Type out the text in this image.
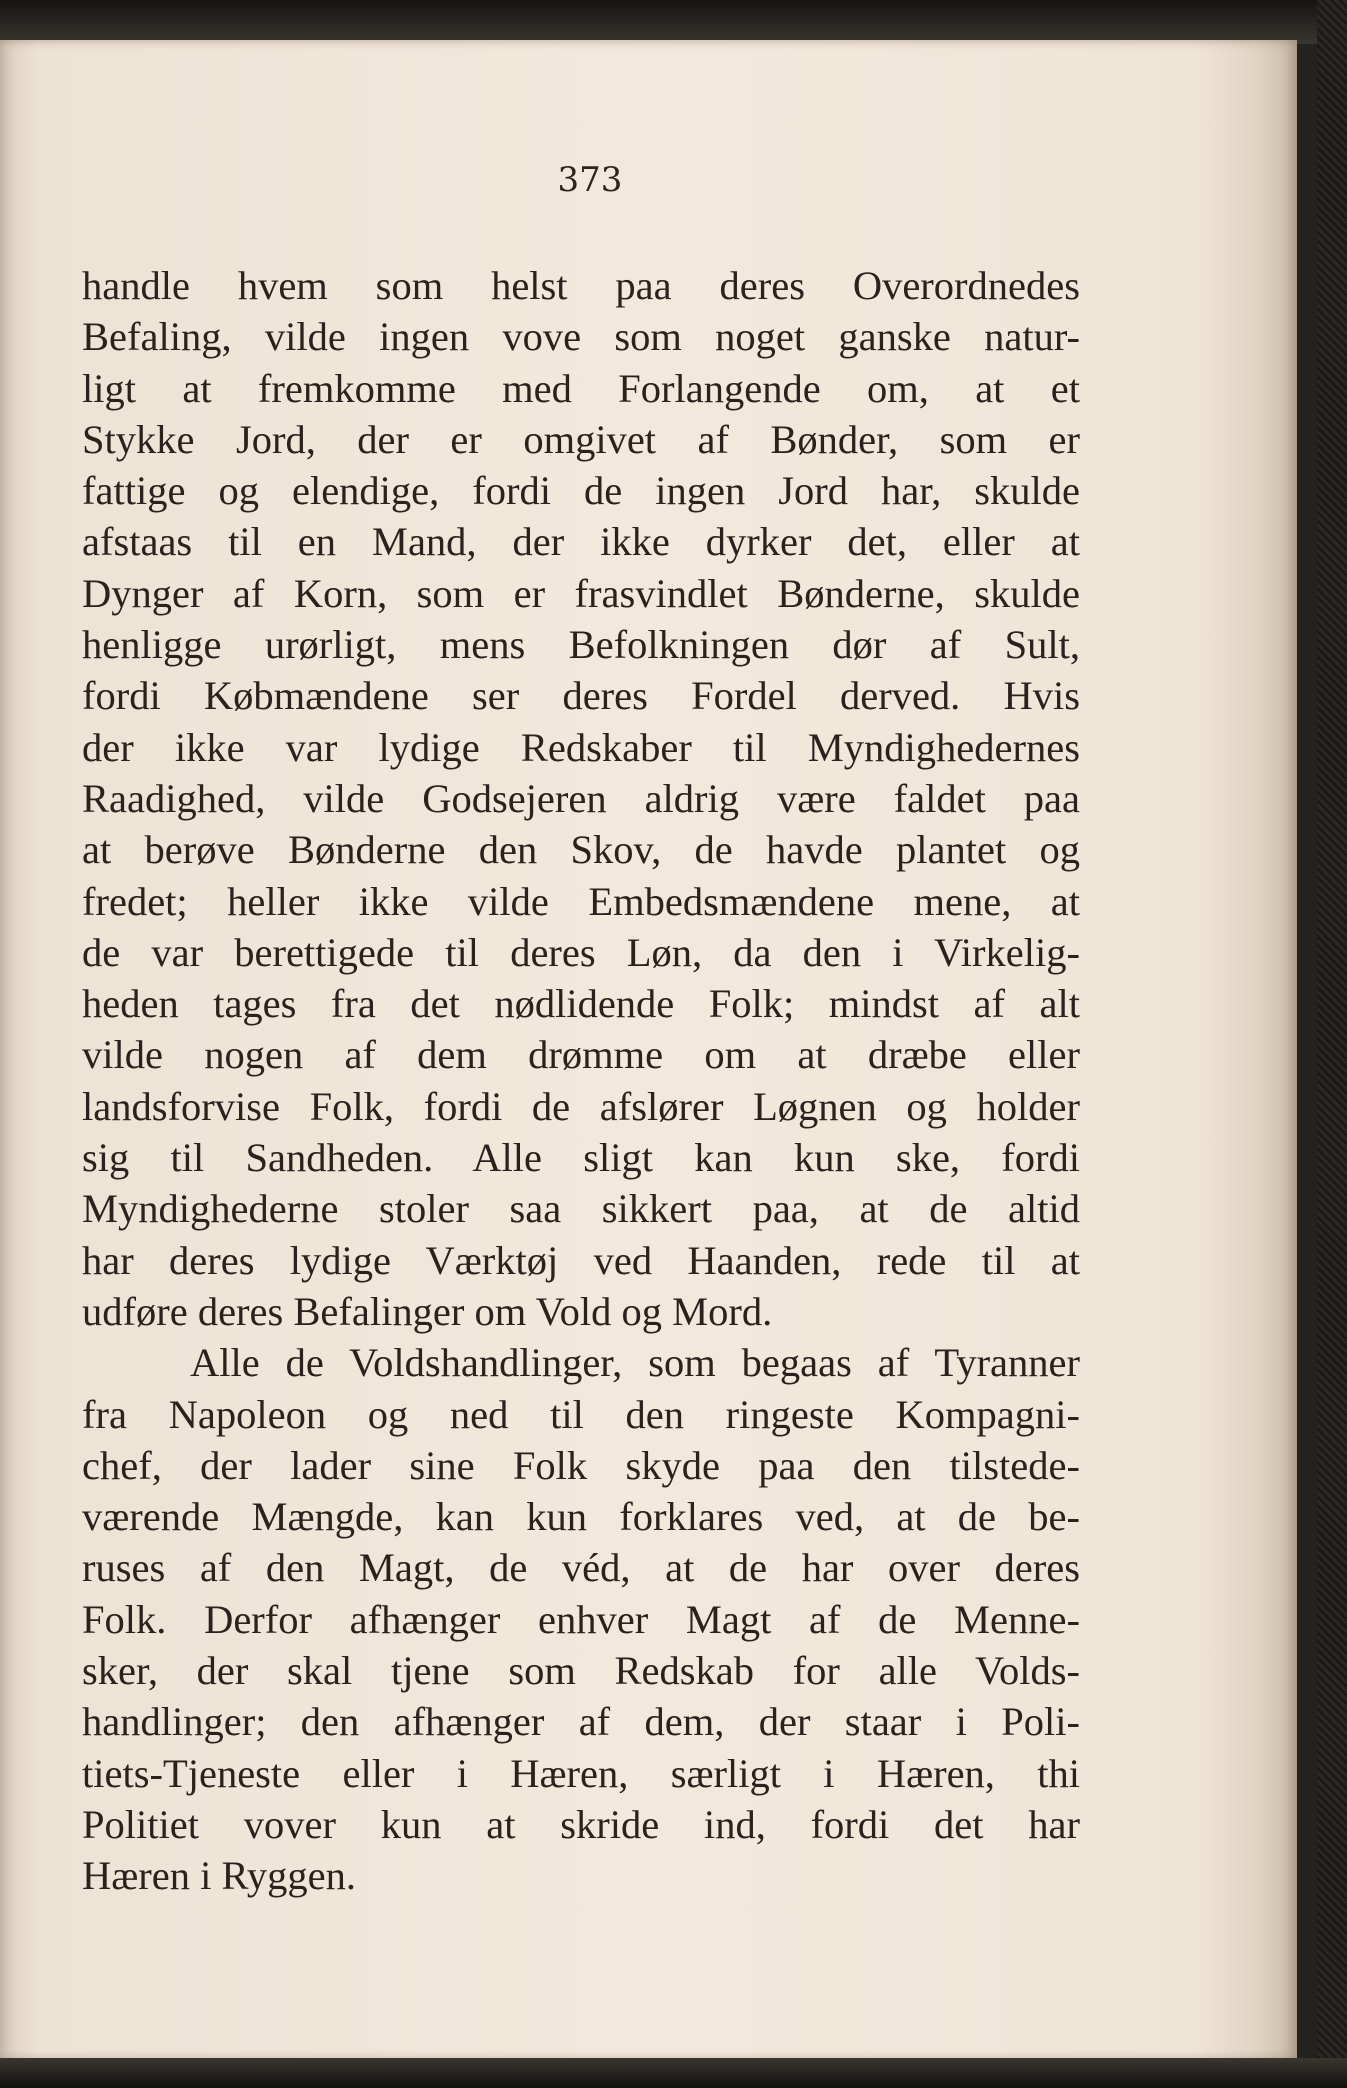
373
handle hvem som helst paa deres Overordnedes
Befaling, vilde ingen vove som noget ganske natur-
ligt at fremkomme med Forlangende om, at et
Stykke Jord, der er omgivet af Bønder, som er
fattige og elendige, fordi de ingen Jord har, skulde
afstaas til en Mand, der ikke dyrker det, eller at
Dynger af Korn, som er frasvindlet Bønderne, skulde
henligge urørligt, mens Befolkningen dør af Sult,
fordi Købmændene ser deres Fordel derved. Hvis
der ikke var lydige Redskaber til Myndighedernes
Raadighed, vilde Godsejeren aldrig være faldet paa
at berøve Bønderne den Skov, de havde plantet og
fredet; heller ikke vilde Embedsmændene mene, at
de var berettigede til deres Løn, da den i Virkelig-
heden tages fra det nødlidende Folk; mindst af alt
vilde nogen af dem drømme om at dræbe eller
landsforvise Folk, fordi de afslører Løgnen og holder
sig til Sandheden. Alle sligt kan kun ske, fordi
Myndighederne stoler saa sikkert paa, at de altid
har deres lydige Værktøj ved Haanden, rede til at
udføre deres Befalinger om Vold og Mord.
Alle de Voldshandlinger, som begaas af Tyranner
fra Napoleon og ned til den ringeste Kompagni-
chef, der lader sine Folk skyde paa den tilstede-
værende Mængde, kan kun forklares ved, at de be-
ruses af den Magt, de véd, at de har over deres
Folk. Derfor afhænger enhver Magt af de Menne-
sker, der skal tjene som Redskab for alle Volds-
handlinger; den afhænger af dem, der staar i Poli-
tiets-Tjeneste eller i Hæren, særligt i Hæren, thi
Politiet vover kun at skride ind, fordi det har
Hæren i Ryggen.
